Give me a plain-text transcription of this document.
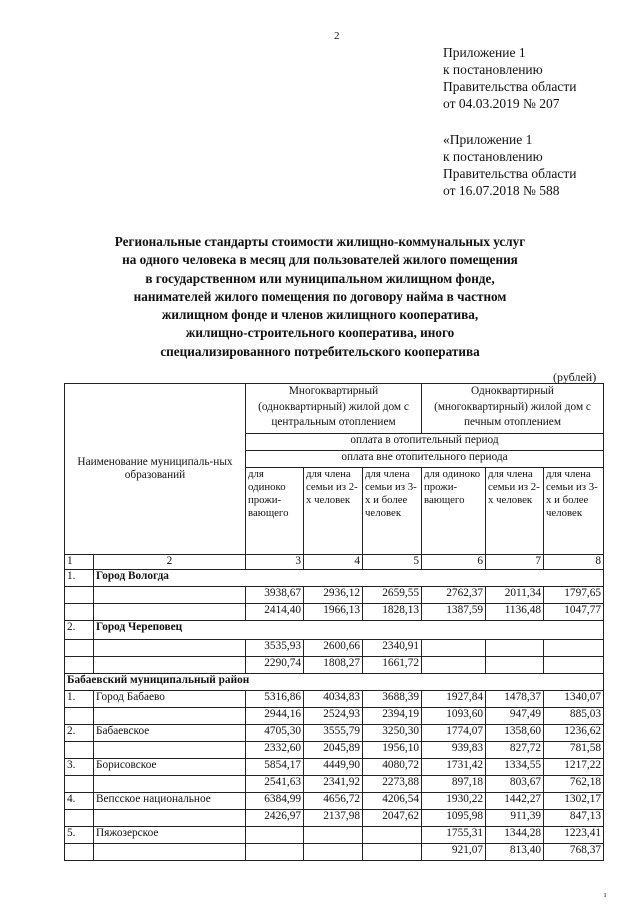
2
Приложение 1
к постановлению
Правительства области
от 04.03.2019 № 207
«Приложение 1
к постановлению
Правительства области
от 16.07.2018 № 588
Региональные стандарты стоимости жилищно-коммунальных услуг
на одного человека в месяц для пользователей жилого помещения
в государственном или муниципальном жилищном фонде,
нанимателей жилого помещения по договору найма в частном
жилищном фонде и членов жилищного кооператива,
жилищно-строительного кооператива, иного
специализированного потребительского кооператива
(рублей)
Наименование муниципаль-ных образований		Многоквартирный (одноквартирный) жилой дом с центральным отоплением			Одноквартирный (многоквартирный) жилой дом с печным отоплением		
		оплата в отопительный период					
		оплата вне отопительного периода					
		для одиноко прожи-вающего	для члена семьи из 2-х человек	для члена семьи из 3-х и более человек	для одиноко прожи-вающего	для члена семьи из 2-х человек	для члена семьи из 3-х и более человек
1	2	3	4	5	6	7	8
1.	Город Вологда						
		3938,67	2936,12	2659,55	2762,37	2011,34	1797,65
		2414,40	1966,13	1828,13	1387,59	1136,48	1047,77
2.	Город Череповец						
		3535,93	2600,66	2340,91			
		2290,74	1808,27	1661,72			
Бабаевский муниципальный район							
1.	Город Бабаево	5316,86	4034,83	3688,39	1927,84	1478,37	1340,07
		2944,16	2524,93	2394,19	1093,60	947,49	885,03
2.	Бабаевское	4705,30	3555,79	3250,30	1774,07	1358,60	1236,62
		2332,60	2045,89	1956,10	939,83	827,72	781,58
3.	Борисовское	5854,17	4449,90	4080,72	1731,42	1334,55	1217,22
		2541,63	2341,92	2273,88	897,18	803,67	762,18
4.	Вепсское национальное	6384,99	4656,72	4206,54	1930,22	1442,27	1302,17
		2426,97	2137,98	2047,62	1095,98	911,39	847,13
5.	Пяжозерское				1755,31	1344,28	1223,41
					921,07	813,40	768,37
ı
